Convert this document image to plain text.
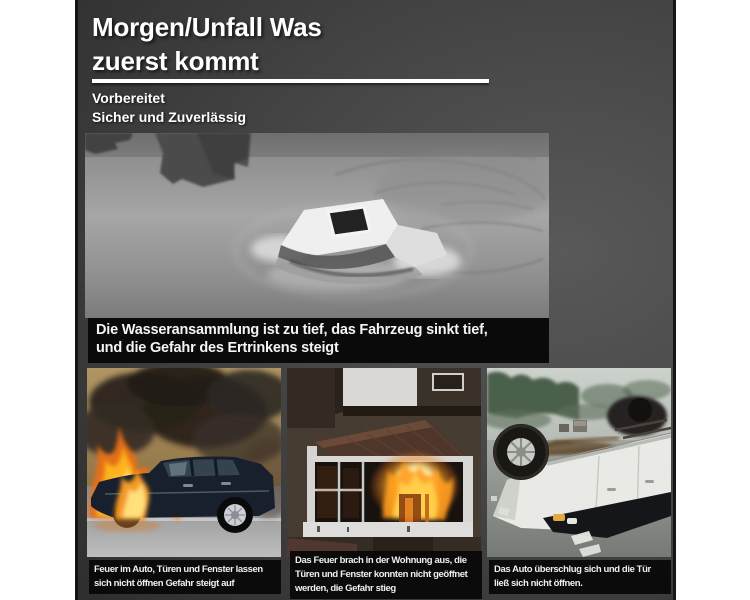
Morgen/Unfall Was
zuerst kommt
Vorbereitet
Sicher und Zuverlässig
Die Wasseransammlung ist zu tief, das Fahrzeug sinkt tief,
und die Gefahr des Ertrinkens steigt
Feuer im Auto, Türen und Fenster lassen
sich nicht öffnen Gefahr steigt auf
Das Feuer brach in der Wohnung aus, die
Türen und Fenster konnten nicht geöffnet
werden, die Gefahr stieg
Das Auto überschlug sich und die Tür
ließ sich nicht öffnen.
